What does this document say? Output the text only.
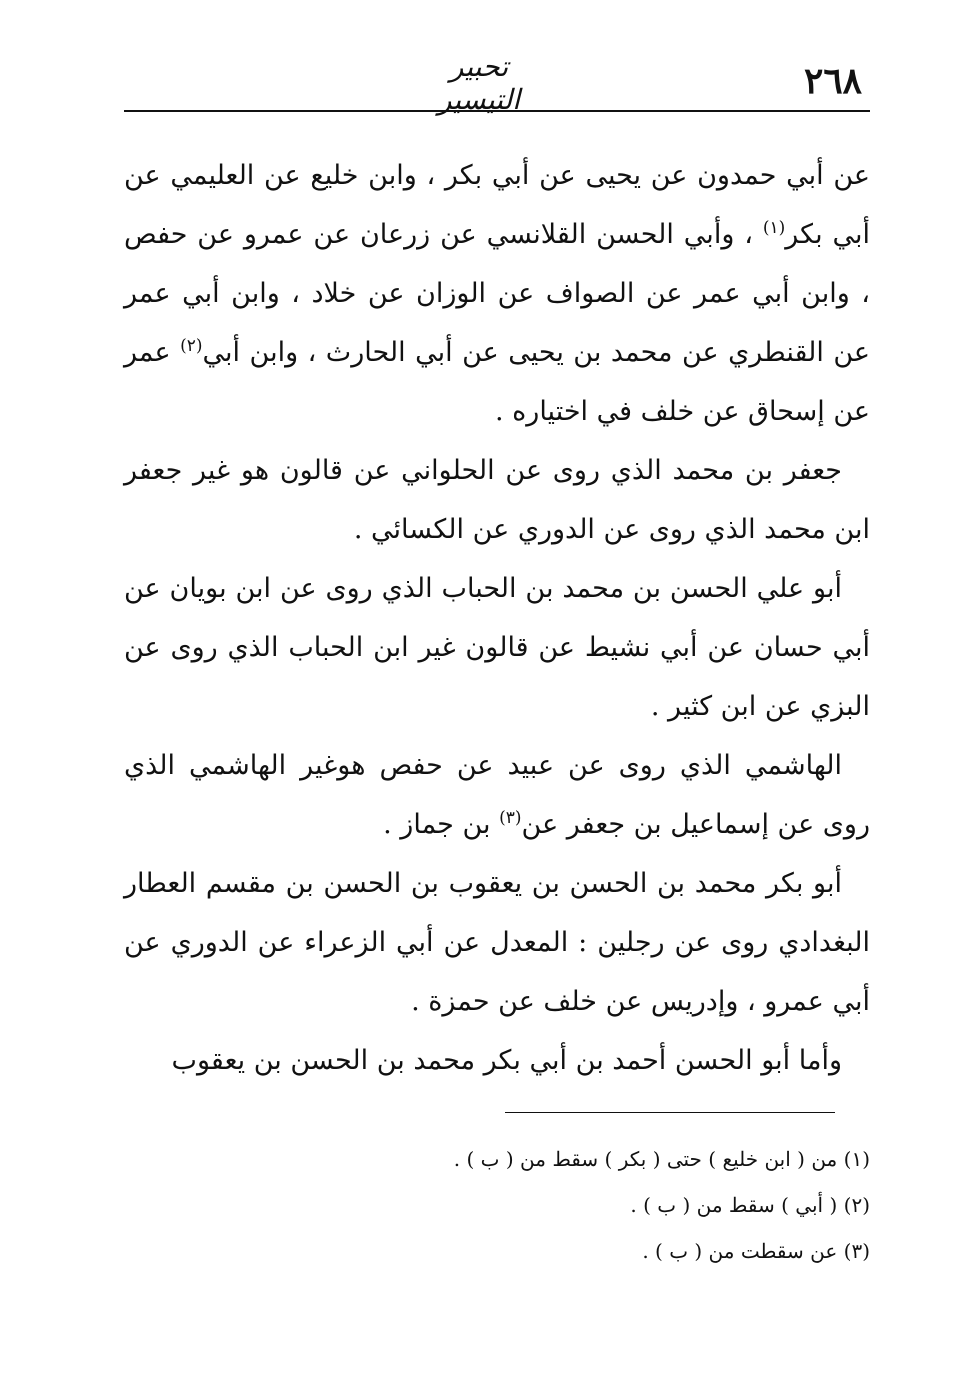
٢٦٨
تحبير التيسير

عن أبي حمدون عن يحيى عن أبي بكر ، وابن خليع عن العليمي عن أبي بكر$^{(١)}$ ، وأبي الحسن القلانسي عن زرعان عن عمرو عن حفص ، وابن أبي عمر عن الصواف عن الوزان عن خلاد ، وابن أبي عمر عن القنطري عن محمد بن يحيى عن أبي الحارث ، وابن أبي$^{(٢)}$ عمر عن إسحاق عن خلف في اختياره .

جعفر بن محمد الذي روى عن الحلواني عن قالون هو غير جعفر ابن محمد الذي روى عن الدوري عن الكسائي .

أبو علي الحسن بن محمد بن الحباب الذي روى عن ابن بويان عن أبي حسان عن أبي نشيط عن قالون غير ابن الحباب الذي روى عن البزي عن ابن كثير .

الهاشمي الذي روى عن عبيد عن حفص هوغير الهاشمي الذي روى عن إسماعيل بن جعفر عن$^{(٣)}$ بن جماز .

أبو بكر محمد بن الحسن بن يعقوب بن الحسن بن مقسم العطار البغدادي روى عن رجلين : المعدل عن أبي الزعراء عن الدوري عن أبي عمرو ، وإدريس عن خلف عن حمزة .

وأما أبو الحسن أحمد بن أبي بكر محمد بن الحسن بن يعقوب

(١) من ( ابن خليع ) حتى ( بكر ) سقط من ( ب ) .
(٢) ( أبي ) سقط من ( ب ) .
(٣) عن سقطت من ( ب ) .
